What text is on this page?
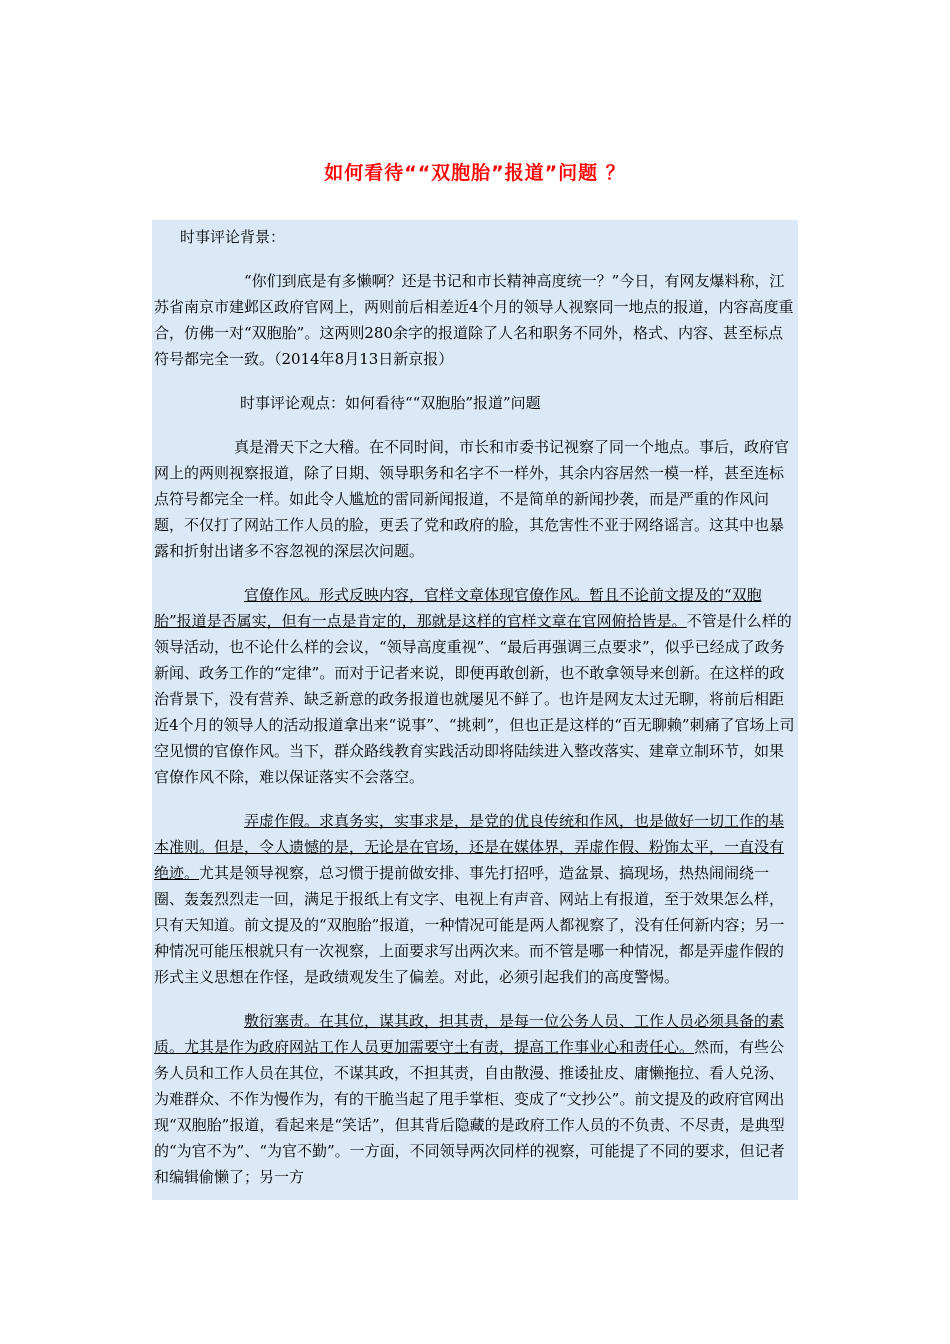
如何看待““双胞胎”报道”问题 ？

时事评论背景：

“你们到底是有多懒啊？还是书记和市长精神高度统一？”今日，有网友爆料称，江苏省南京市建邺区政府官网上，两则前后相差近4个月的领导人视察同一地点的报道，内容高度重合，仿佛一对“双胞胎”。这两则280余字的报道除了人名和职务不同外，格式、内容、甚至标点符号都完全一致。（2014年8月13日新京报）

时事评论观点：如何看待““双胞胎”报道”问题

真是滑天下之大稽。在不同时间，市长和市委书记视察了同一个地点。事后，政府官网上的两则视察报道，除了日期、领导职务和名字不一样外，其余内容居然一模一样，甚至连标点符号都完全一样。如此令人尴尬的雷同新闻报道，不是简单的新闻抄袭，而是严重的作风问题，不仅打了网站工作人员的脸，更丢了党和政府的脸，其危害性不亚于网络谣言。这其中也暴露和折射出诸多不容忽视的深层次问题。

官僚作风。形式反映内容，官样文章体现官僚作风。暂且不论前文提及的“双胞胎”报道是否属实，但有一点是肯定的，那就是这样的官样文章在官网俯拾皆是。不管是什么样的领导活动，也不论什么样的会议，“领导高度重视”、“最后再强调三点要求”，似乎已经成了政务新闻、政务工作的“定律”。而对于记者来说，即便再敢创新，也不敢拿领导来创新。在这样的政治背景下，没有营养、缺乏新意的政务报道也就屡见不鲜了。也许是网友太过无聊，将前后相距近4个月的领导人的活动报道拿出来“说事”、“挑刺”，但也正是这样的“百无聊赖”刺痛了官场上司空见惯的官僚作风。当下，群众路线教育实践活动即将陆续进入整改落实、建章立制环节，如果官僚作风不除，难以保证落实不会落空。

弄虚作假。求真务实，实事求是，是党的优良传统和作风，也是做好一切工作的基本准则。但是，令人遗憾的是，无论是在官场，还是在媒体界，弄虚作假、粉饰太平，一直没有绝迹。尤其是领导视察，总习惯于提前做安排、事先打招呼，造盆景、搞现场，热热闹闹绕一圈、轰轰烈烈走一回，满足于报纸上有文字、电视上有声音、网站上有报道，至于效果怎么样，只有天知道。前文提及的“双胞胎”报道，一种情况可能是两人都视察了，没有任何新内容；另一种情况可能压根就只有一次视察，上面要求写出两次来。而不管是哪一种情况，都是弄虚作假的形式主义思想在作怪，是政绩观发生了偏差。对此，必须引起我们的高度警惕。

敷衍塞责。在其位，谋其政，担其责，是每一位公务人员、工作人员必须具备的素质。尤其是作为政府网站工作人员更加需要守土有责，提高工作事业心和责任心。然而，有些公务人员和工作人员在其位，不谋其政，不担其责，自由散漫、推诿扯皮、庸懒拖拉、看人兑汤、为难群众、不作为慢作为，有的干脆当起了甩手掌柜、变成了“文抄公”。前文提及的政府官网出现“双胞胎”报道，看起来是“笑话”，但其背后隐藏的是政府工作人员的不负责、不尽责，是典型的“为官不为”、“为官不勤”。一方面，不同领导两次同样的视察，可能提了不同的要求，但记者和编辑偷懒了；另一方
